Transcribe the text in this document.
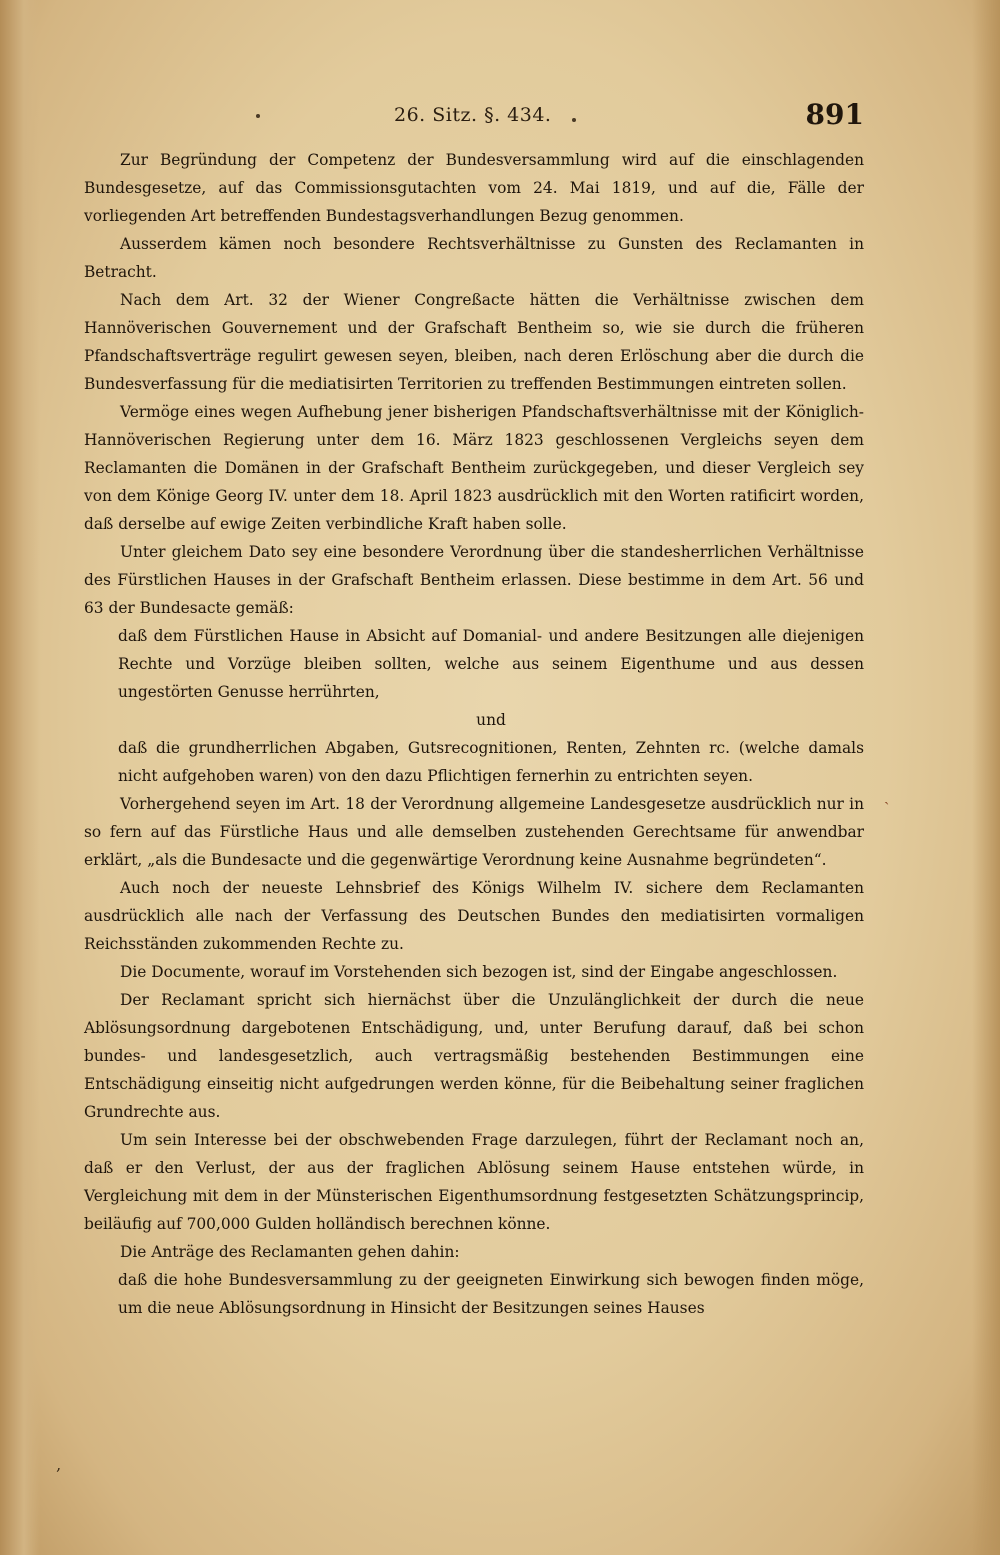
26. Sitz. §. 434.	891

Zur Begründung der Competenz der Bundesversammlung wird auf die einschlagenden Bundesgesetze, auf das Commissionsgutachten vom 24. Mai 1819, und auf die, Fälle der vorliegenden Art betreffenden Bundestagsverhandlungen Bezug genommen.

Ausserdem kämen noch besondere Rechtsverhältnisse zu Gunsten des Reclamanten in Betracht.

Nach dem Art. 32 der Wiener Congreßacte hätten die Verhältnisse zwischen dem Hannöverischen Gouvernement und der Grafschaft Bentheim so, wie sie durch die früheren Pfandschaftsverträge regulirt gewesen seyen, bleiben, nach deren Erlöschung aber die durch die Bundesverfassung für die mediatisirten Territorien zu treffenden Bestimmungen eintreten sollen.

Vermöge eines wegen Aufhebung jener bisherigen Pfandschaftsverhältnisse mit der Königlich-Hannöverischen Regierung unter dem 16. März 1823 geschlossenen Vergleichs seyen dem Reclamanten die Domänen in der Grafschaft Bentheim zurückgegeben, und dieser Vergleich sey von dem Könige Georg IV. unter dem 18. April 1823 ausdrücklich mit den Worten ratificirt worden, daß derselbe auf ewige Zeiten verbindliche Kraft haben solle.

Unter gleichem Dato sey eine besondere Verordnung über die standesherrlichen Verhältnisse des Fürstlichen Hauses in der Grafschaft Bentheim erlassen. Diese bestimme in dem Art. 56 und 63 der Bundesacte gemäß:

daß dem Fürstlichen Hause in Absicht auf Domanial- und andere Besitzungen alle diejenigen Rechte und Vorzüge bleiben sollten, welche aus seinem Eigenthume und aus dessen ungestörten Genusse herrührten,

und

daß die grundherrlichen Abgaben, Gutsrecognitionen, Renten, Zehnten rc. (welche damals nicht aufgehoben waren) von den dazu Pflichtigen fernerhin zu entrichten seyen.

Vorhergehend seyen im Art. 18 der Verordnung allgemeine Landesgesetze ausdrücklich nur in so fern auf das Fürstliche Haus und alle demselben zustehenden Gerechtsame für anwendbar erklärt, „als die Bundesacte und die gegenwärtige Verordnung keine Ausnahme begründeten“.

Auch noch der neueste Lehnsbrief des Königs Wilhelm IV. sichere dem Reclamanten ausdrücklich alle nach der Verfassung des Deutschen Bundes den mediatisirten vormaligen Reichsständen zukommenden Rechte zu.

Die Documente, worauf im Vorstehenden sich bezogen ist, sind der Eingabe angeschlossen.

Der Reclamant spricht sich hiernächst über die Unzulänglichkeit der durch die neue Ablösungsordnung dargebotenen Entschädigung, und, unter Berufung darauf, daß bei schon bundes- und landesgesetzlich, auch vertragsmäßig bestehenden Bestimmungen eine Entschädigung einseitig nicht aufgedrungen werden könne, für die Beibehaltung seiner fraglichen Grundrechte aus.

Um sein Interesse bei der obschwebenden Frage darzulegen, führt der Reclamant noch an, daß er den Verlust, der aus der fraglichen Ablösung seinem Hause entstehen würde, in Vergleichung mit dem in der Münsterischen Eigenthumsordnung festgesetzten Schätzungsprincip, beiläufig auf 700,000 Gulden holländisch berechnen könne.

Die Anträge des Reclamanten gehen dahin:

daß die hohe Bundesversammlung zu der geeigneten Einwirkung sich bewogen finden möge, um die neue Ablösungsordnung in Hinsicht der Besitzungen seines Hauses

ˎ
‚
